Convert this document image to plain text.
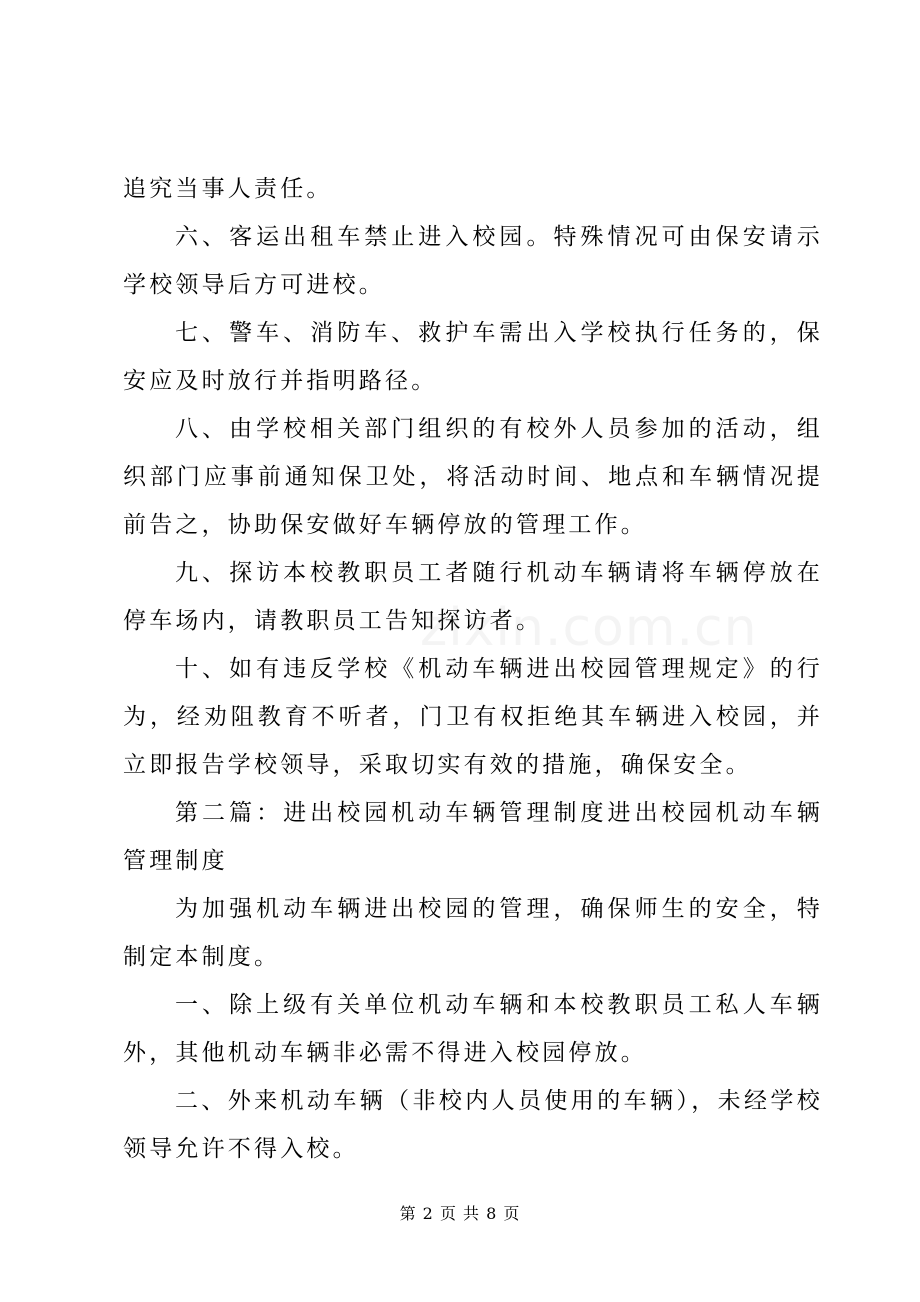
追究当事人责任。

六、客运出租车禁止进入校园。特殊情况可由保安请示学校领导后方可进校。

七、警车、消防车、救护车需出入学校执行任务的，保安应及时放行并指明路径。

八、由学校相关部门组织的有校外人员参加的活动，组织部门应事前通知保卫处，将活动时间、地点和车辆情况提前告之，协助保安做好车辆停放的管理工作。

九、探访本校教职员工者随行机动车辆请将车辆停放在停车场内，请教职员工告知探访者。

十、如有违反学校《机动车辆进出校园管理规定》的行为，经劝阻教育不听者，门卫有权拒绝其车辆进入校园，并立即报告学校领导，采取切实有效的措施，确保安全。

第二篇：进出校园机动车辆管理制度进出校园机动车辆管理制度

为加强机动车辆进出校园的管理，确保师生的安全，特制定本制度。

一、除上级有关单位机动车辆和本校教职员工私人车辆外，其他机动车辆非必需不得进入校园停放。

二、外来机动车辆（非校内人员使用的车辆），未经学校领导允许不得入校。

zixin.com.cn
第 2 页 共 8 页
